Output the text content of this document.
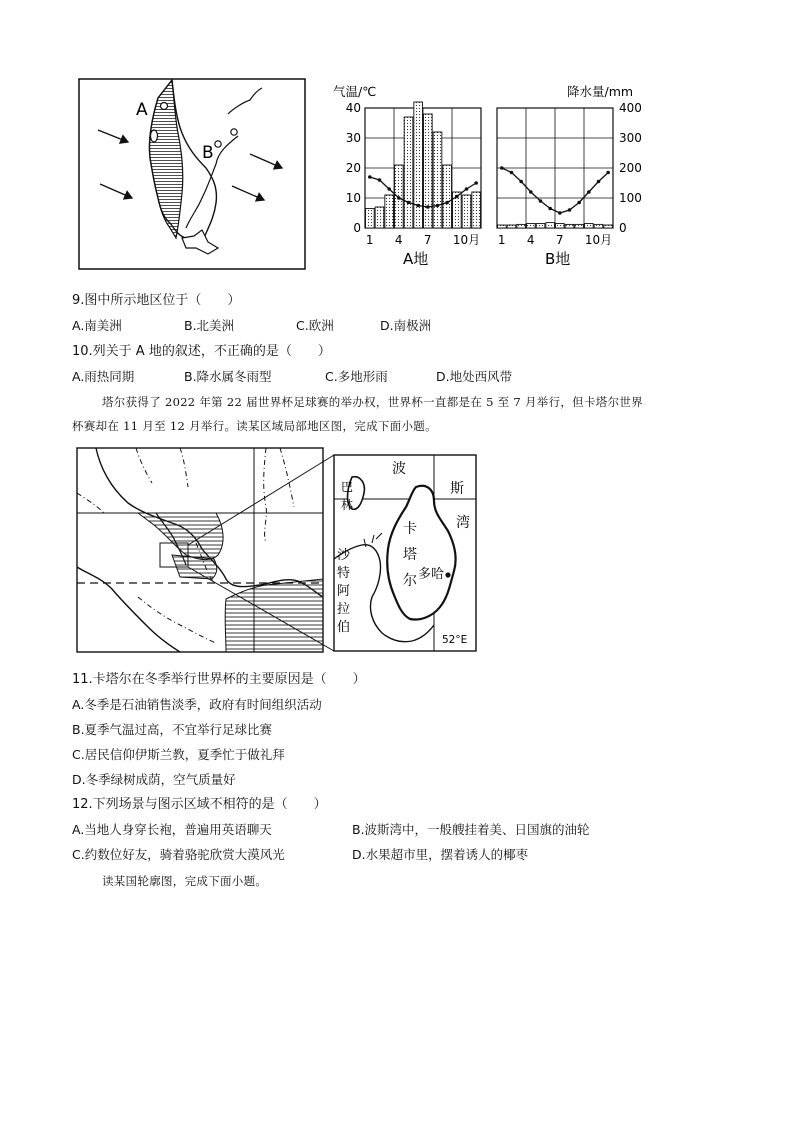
A
B
气温/℃	降水量/mm
0
10
20
30
40
0
100
200
300
400
1 4 7 10月 1 4 7 10月
A地	B地
9.图中所示地区位于（　　）
A.南美洲	B.北美洲	C.欧洲	D.南极洲
10.列关于 A 地的叙述，不正确的是（　　）
A.雨热同期	B.降水属冬雨型	C.多地形雨	D.地处西风带
塔尔获得了 2022 年第 22 届世界杯足球赛的举办权，世界杯一直都是在 5 至 7 月举行，但卡塔尔世界
杯赛却在 11 月至 12 月举行。读某区域局部地区图，完成下面小题。
波
斯
湾
巴
林
卡
塔
尔 多哈
沙
特
阿
拉
伯
52°E
11.卡塔尔在冬季举行世界杯的主要原因是（　　）
A.冬季是石油销售淡季，政府有时间组织活动
B.夏季气温过高，不宜举行足球比赛
C.居民信仰伊斯兰教，夏季忙于做礼拜
D.冬季绿树成荫，空气质量好
12.下列场景与图示区域不相符的是（　　）
A.当地人身穿长袍，普遍用英语聊天	B.波斯湾中，一般艘挂着美、日国旗的油轮
C.约数位好友，骑着骆驼欣赏大漠风光	D.水果超市里，摆着诱人的椰枣
读某国轮廓图，完成下面小题。
